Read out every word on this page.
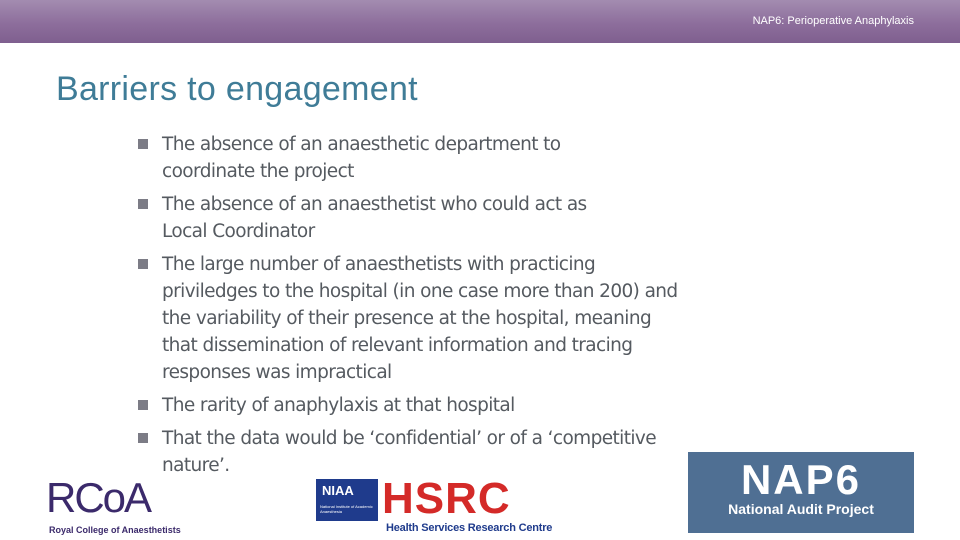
NAP6: Perioperative Anaphylaxis
Barriers to engagement
The absence of an anaesthetic department to coordinate the project
The absence of an anaesthetist who could act as Local Coordinator
The large number of anaesthetists with practicing priviledges to the hospital (in one case more than 200) and the variability of their presence at the hospital, meaning that dissemination of relevant information and tracing responses was impractical
The rarity of anaphylaxis at that hospital
That the data would be ‘confidential’ or of a ‘competitive nature’.
RCoA
Royal College of Anaesthetists
NIAA
National Institute of Academic Anaesthesia HSRC
Health Services Research Centre
NAP6
National Audit Project
